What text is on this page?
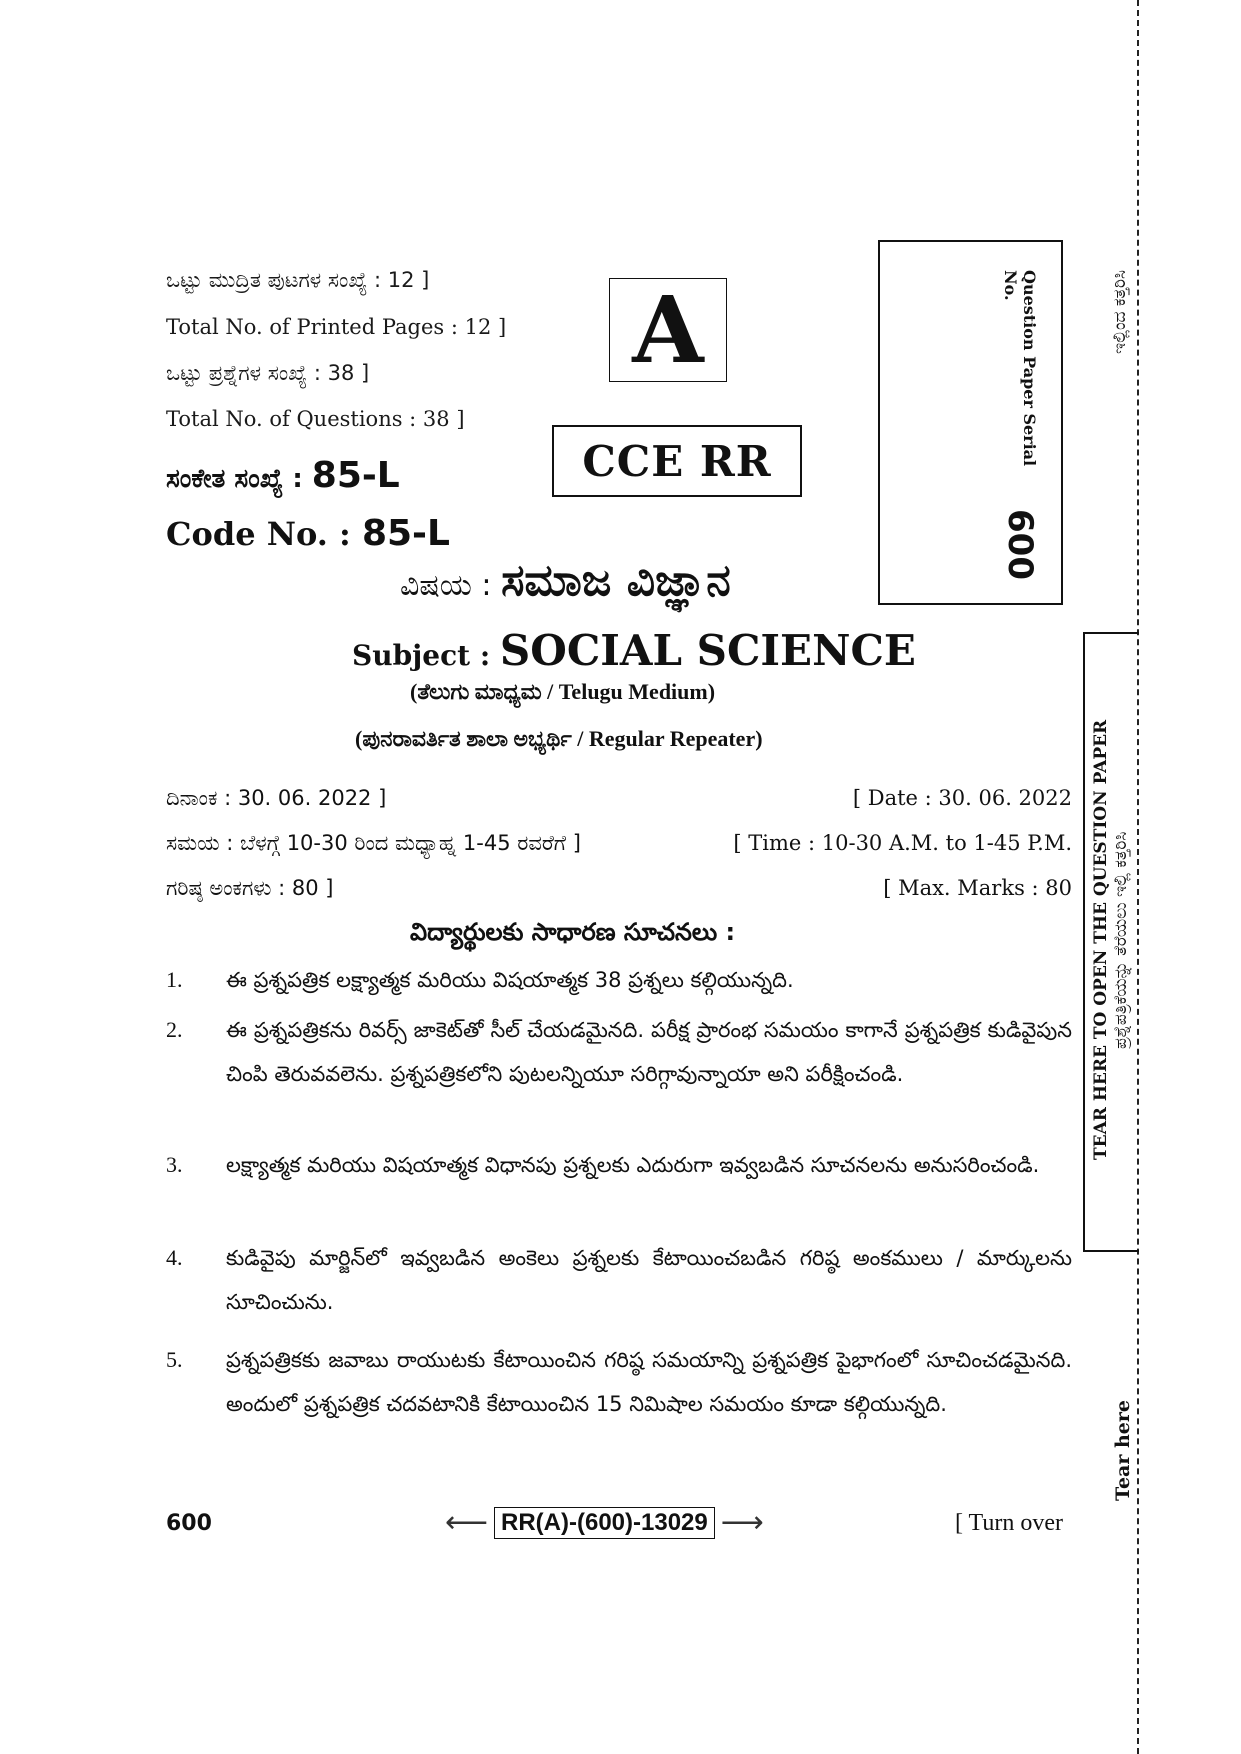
ಒಟ್ಟು ಮುದ್ರಿತ ಪುಟಗಳ ಸಂಖ್ಯೆ : 12 ]
Total No. of Printed Pages : 12 ]
ಒಟ್ಟು ಪ್ರಶ್ನೆಗಳ ಸಂಖ್ಯೆ : 38 ]
Total No. of Questions : 38 ]
ಸಂಕೇತ ಸಂಖ್ಯೆ : 85-L
Code No. : 85-L
A
CCE RR	Question Paper Serial No.
600
ಇಲ್ಲಿಂದ ಕತ್ತರಿಸಿ
TEAR HERE TO OPEN THE QUESTION PAPER ಪ್ರಶ್ನೆಪತ್ರಿಕೆಯನ್ನು ತೆರೆಯಲು ಇಲ್ಲಿ ಕತ್ತರಿಸಿ
Tear here
ವಿಷಯ : ಸಮಾಜ ವಿಜ್ಞಾನ
Subject : SOCIAL SCIENCE
(ತೆಲುಗು ಮಾಧ್ಯಮ / Telugu Medium)
(ಪುನರಾವರ್ತಿತ ಶಾಲಾ ಅಭ್ಯರ್ಥಿ / Regular Repeater)
ದಿನಾಂಕ : 30. 06. 2022 ]	[ Date : 30. 06. 2022
ಸಮಯ : ಬೆಳಗ್ಗೆ 10-30 ರಿಂದ ಮಧ್ಯಾಹ್ನ 1-45 ರವರೆಗೆ ]	[ Time : 10-30 A.M. to 1-45 P.M.
ಗರಿಷ್ಠ ಅಂಕಗಳು : 80 ]	[ Max. Marks : 80
విద్యార్థులకు సాధారణ సూచనలు :
1.	ఈ ప్రశ్నపత్రిక లక్ష్యాత్మక మరియు విషయాత్మక 38 ప్రశ్నలు కల్గియున్నది.
2.	ఈ ప్రశ్నపత్రికను రివర్స్ జాకెట్‌తో సీల్ చేయడమైనది. పరీక్ష ప్రారంభ సమయం కాగానే ప్రశ్నపత్రిక కుడివైపున చింపి తెరువవలెను. ప్రశ్నపత్రికలోని పుటలన్నియూ సరిగ్గావున్నాయా అని పరీక్షించండి.
3.	లక్ష్యాత్మక మరియు విషయాత్మక విధానపు ప్రశ్నలకు ఎదురుగా ఇవ్వబడిన సూచనలను అనుసరించండి.
4.	కుడివైపు మార్జిన్‌లో ఇవ్వబడిన అంకెలు ప్రశ్నలకు కేటాయించబడిన గరిష్ఠ అంకములు / మార్కులను సూచించును.
5.	ప్రశ్నపత్రికకు జవాబు రాయుటకు కేటాయించిన గరిష్ఠ సమయాన్ని ప్రశ్నపత్రిక పైభాగంలో సూచించడమైనది. అందులో ప్రశ్నపత్రిక చదవటానికి కేటాయించిన 15 నిమిషాల సమయం కూడా కల్గియున్నది.
600	⟵ RR(A)-(600)-13029 ⟶	[ Turn over
